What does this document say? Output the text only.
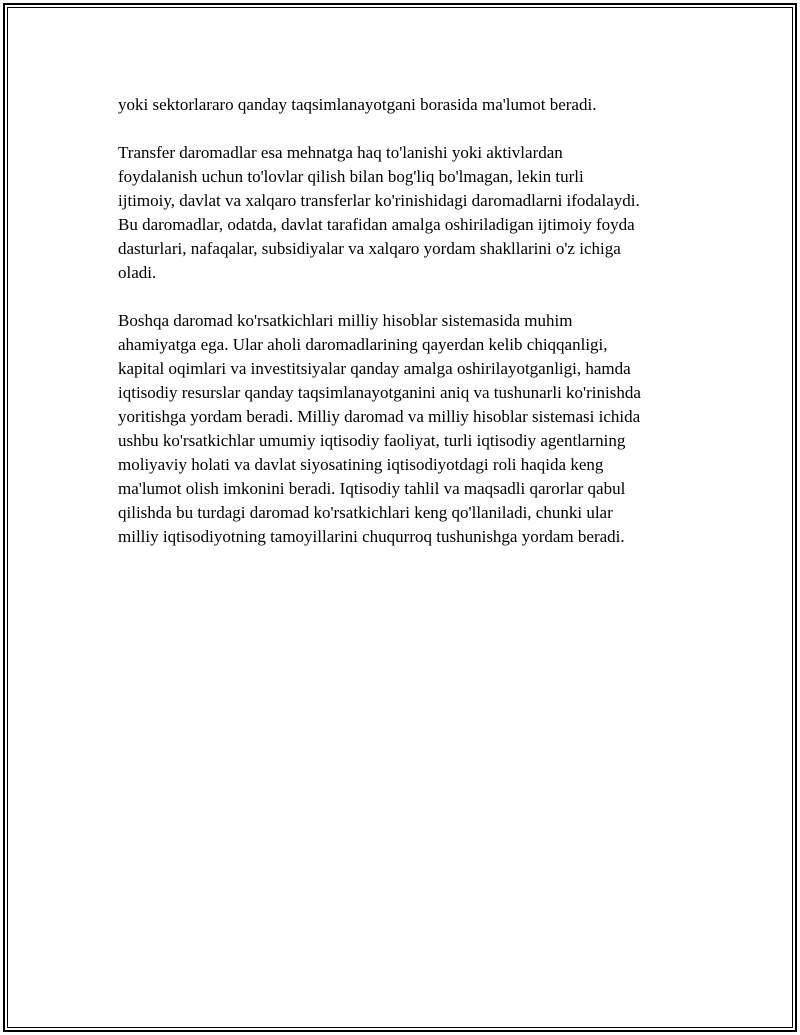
yoki sektorlararo qanday taqsimlanayotgani borasida ma'lumot beradi.

Transfer daromadlar esa mehnatga haq to'lanishi yoki aktivlardan
foydalanish uchun to'lovlar qilish bilan bog'liq bo'lmagan, lekin turli
ijtimoiy, davlat va xalqaro transferlar ko'rinishidagi daromadlarni ifodalaydi.
Bu daromadlar, odatda, davlat tarafidan amalga oshiriladigan ijtimoiy foyda
dasturlari, nafaqalar, subsidiyalar va xalqaro yordam shakllarini o'z ichiga
oladi.

Boshqa daromad ko'rsatkichlari milliy hisoblar sistemasida muhim
ahamiyatga ega. Ular aholi daromadlarining qayerdan kelib chiqqanligi,
kapital oqimlari va investitsiyalar qanday amalga oshirilayotganligi, hamda
iqtisodiy resurslar qanday taqsimlanayotganini aniq va tushunarli ko'rinishda
yoritishga yordam beradi. Milliy daromad va milliy hisoblar sistemasi ichida
ushbu ko'rsatkichlar umumiy iqtisodiy faoliyat, turli iqtisodiy agentlarning
moliyaviy holati va davlat siyosatining iqtisodiyotdagi roli haqida keng
ma'lumot olish imkonini beradi. Iqtisodiy tahlil va maqsadli qarorlar qabul
qilishda bu turdagi daromad ko'rsatkichlari keng qo'llaniladi, chunki ular
milliy iqtisodiyotning tamoyillarini chuqurroq tushunishga yordam beradi.
